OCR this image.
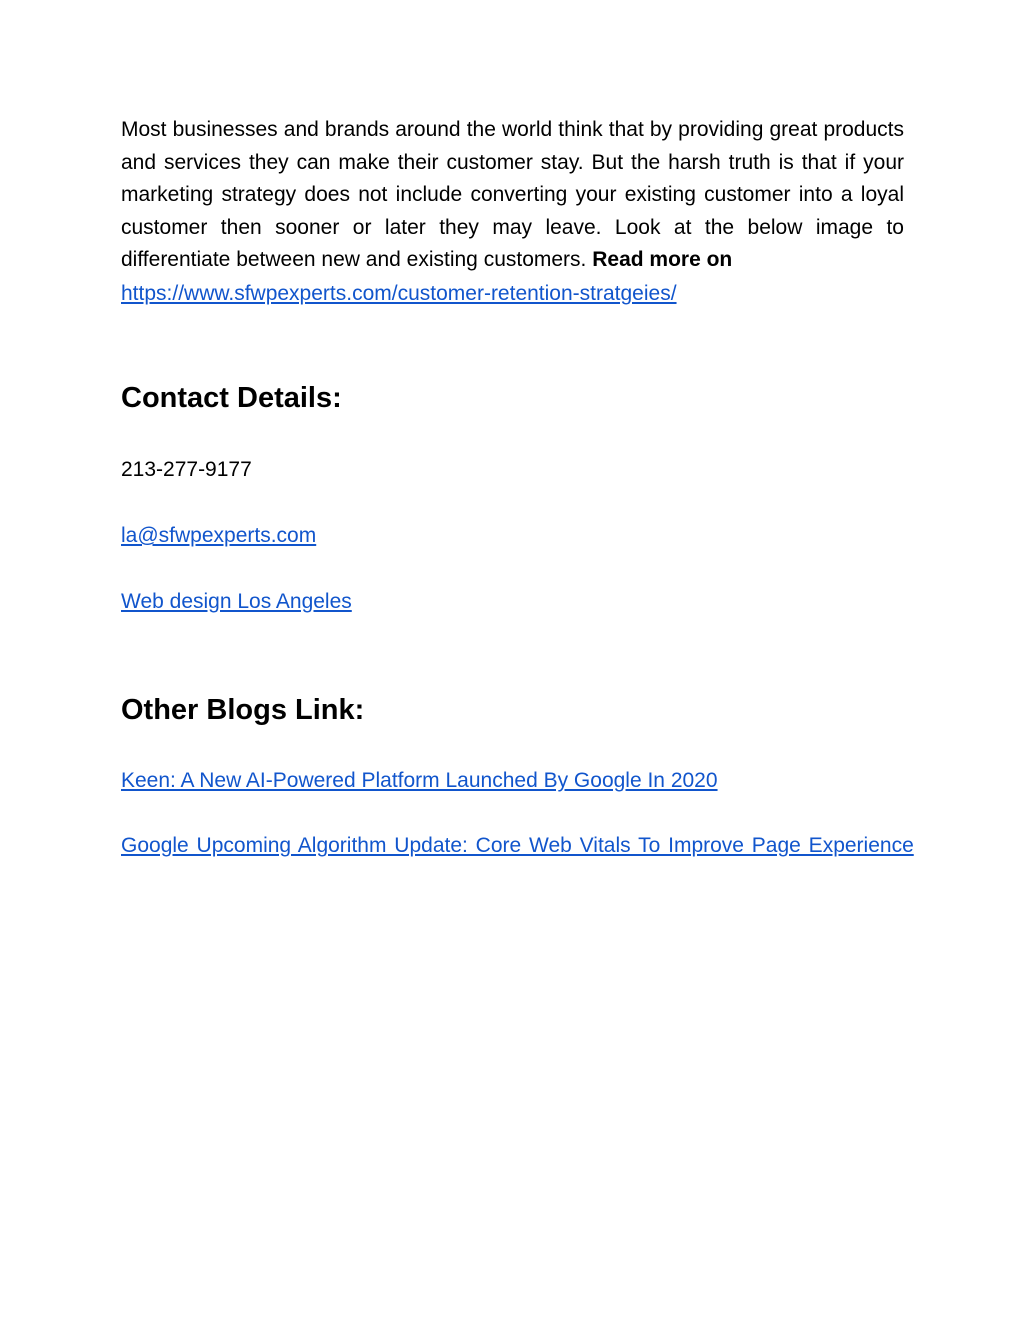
Most businesses and brands around the world think that by providing great products and services they can make their customer stay. But the harsh truth is that if your marketing strategy does not include converting your existing customer into a loyal customer then sooner or later they may leave. Look at the below image to differentiate between new and existing customers. Read more on

https://www.sfwpexperts.com/customer-retention-stratgeies/

Contact Details:

213-277-9177

la@sfwpexperts.com

Web design Los Angeles

Other Blogs Link:

Keen: A New AI-Powered Platform Launched By Google In 2020

Google Upcoming Algorithm Update: Core Web Vitals To Improve Page Experience
